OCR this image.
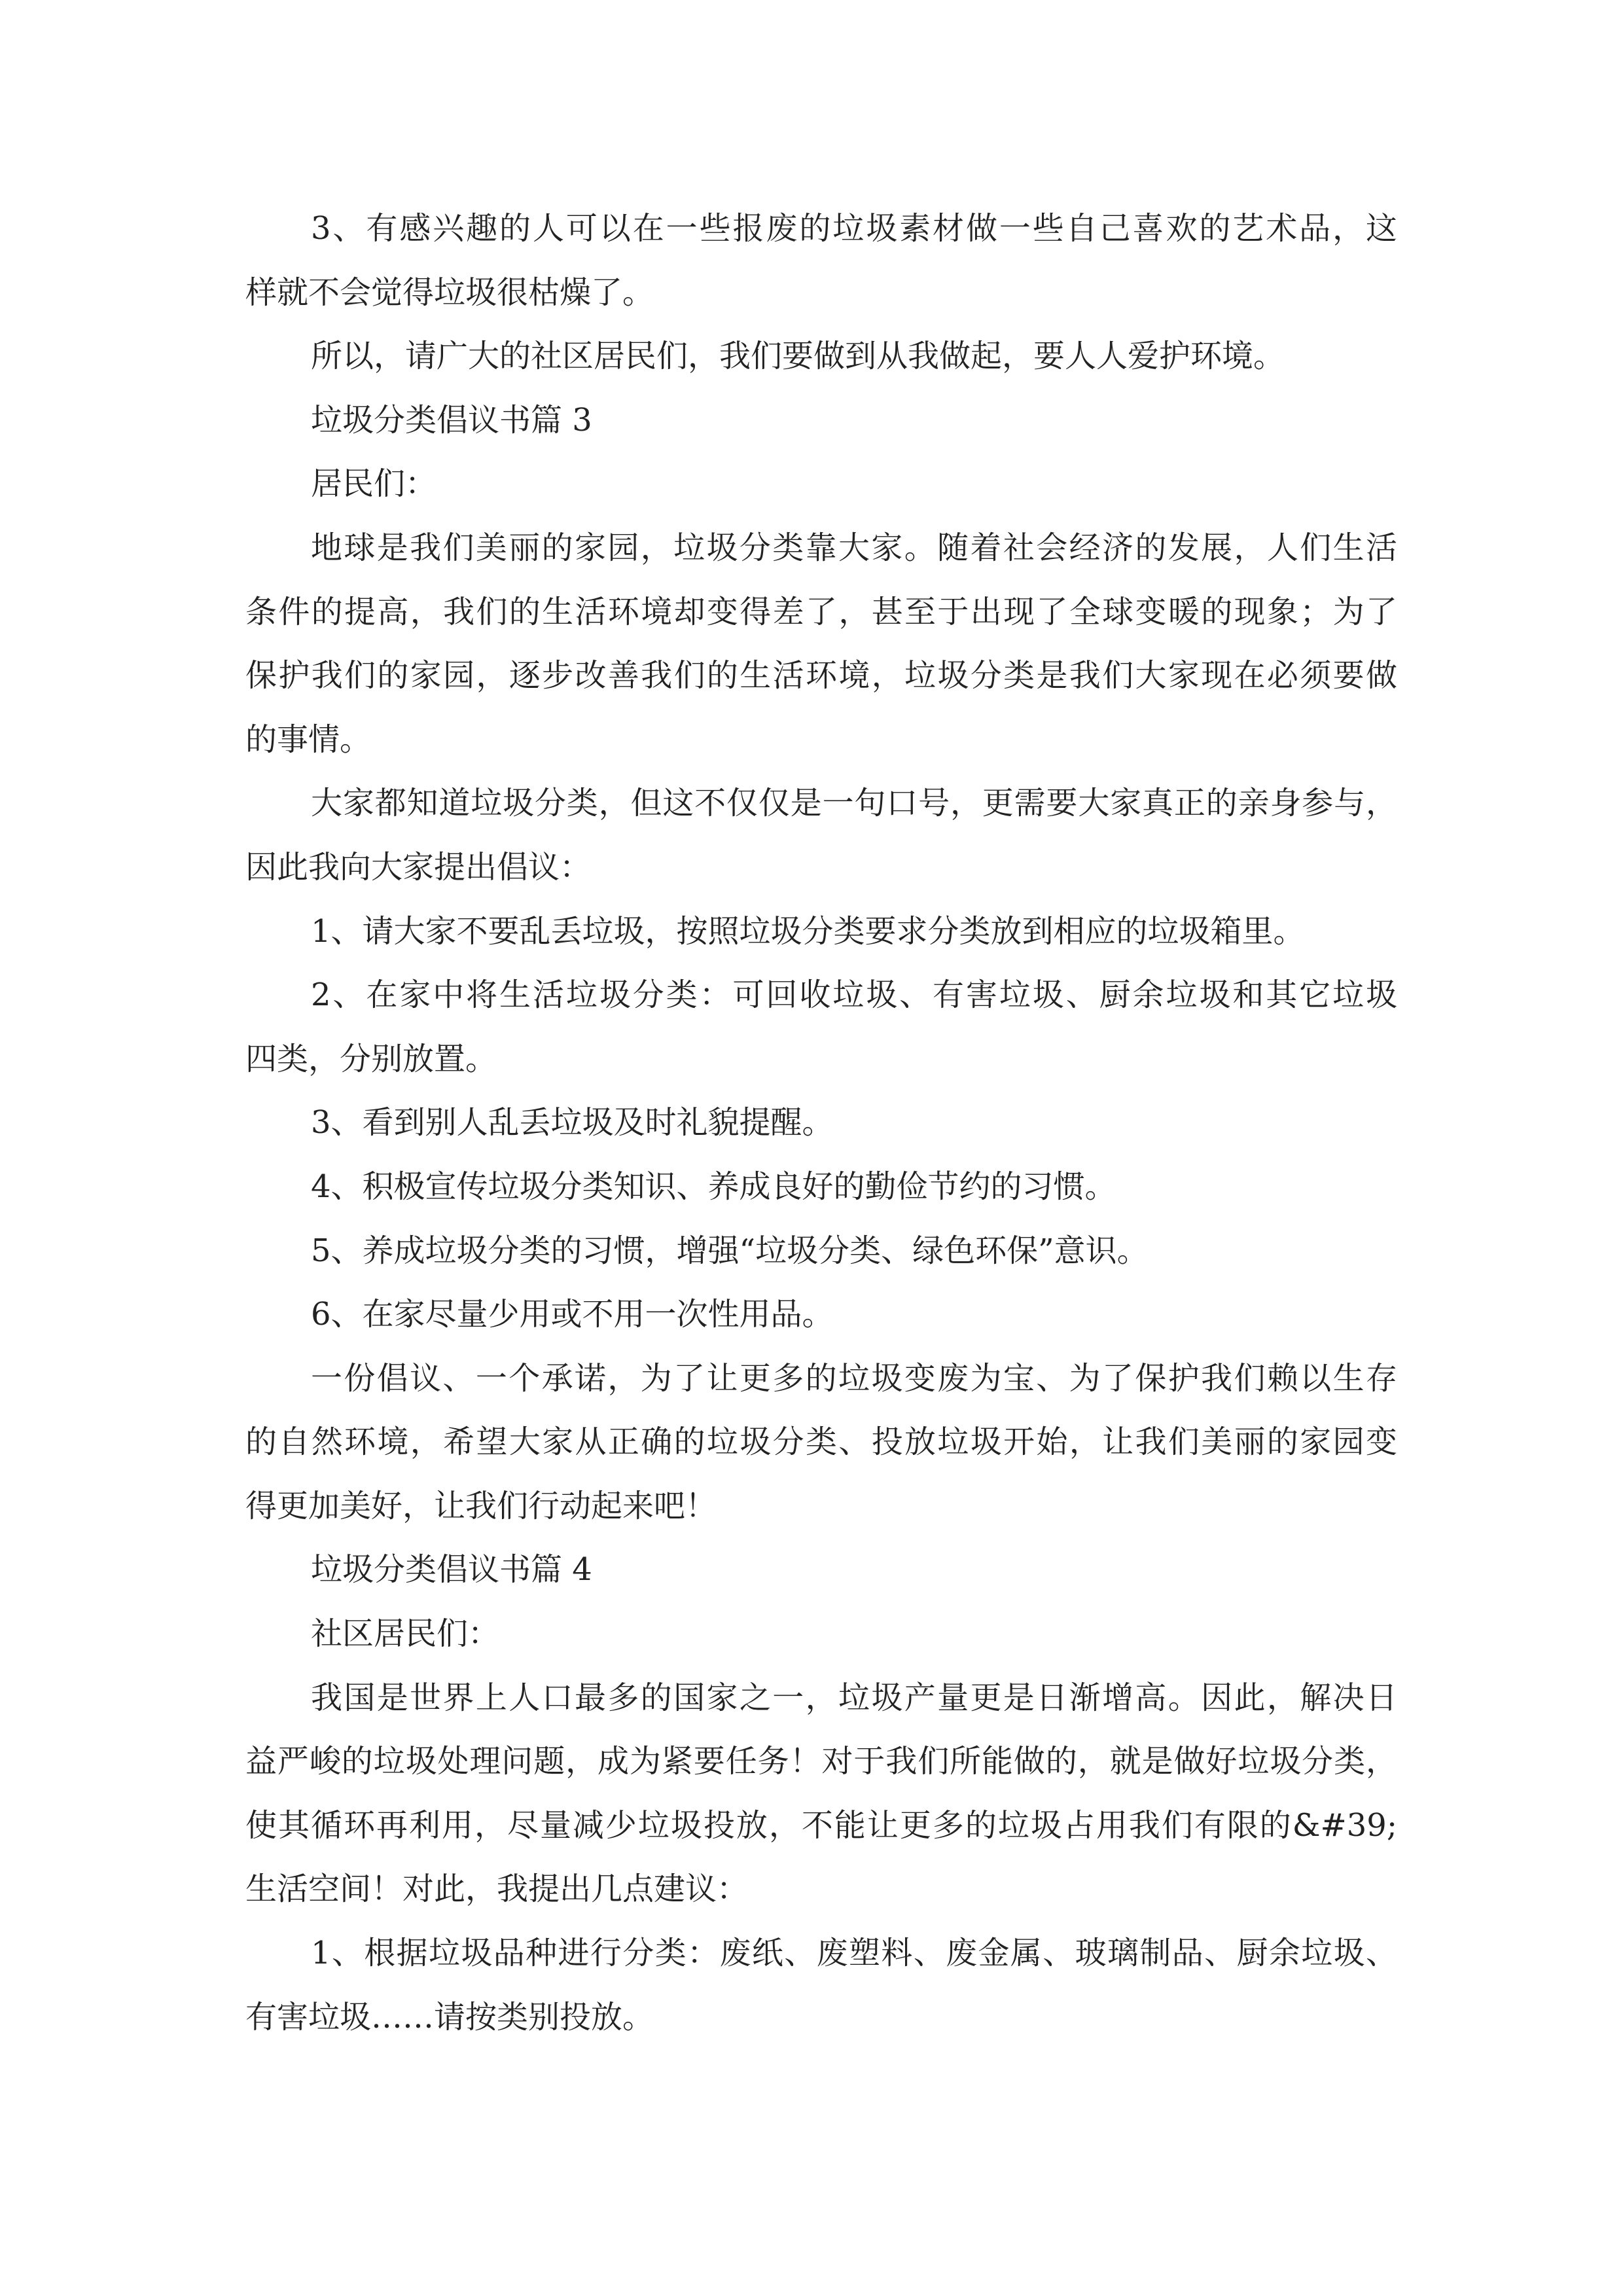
3、有感兴趣的人可以在一些报废的垃圾素材做一些自己喜欢的艺术品，这
样就不会觉得垃圾很枯燥了。
所以，请广大的社区居民们，我们要做到从我做起，要人人爱护环境。
垃圾分类倡议书篇 3
居民们：
地球是我们美丽的家园，垃圾分类靠大家。随着社会经济的发展，人们生活
条件的提高，我们的生活环境却变得差了，甚至于出现了全球变暖的现象；为了
保护我们的家园，逐步改善我们的生活环境，垃圾分类是我们大家现在必须要做
的事情。
大家都知道垃圾分类，但这不仅仅是一句口号，更需要大家真正的亲身参与，
因此我向大家提出倡议：
1、请大家不要乱丢垃圾，按照垃圾分类要求分类放到相应的垃圾箱里。
2、在家中将生活垃圾分类：可回收垃圾、有害垃圾、厨余垃圾和其它垃圾
四类，分别放置。
3、看到别人乱丢垃圾及时礼貌提醒。
4、积极宣传垃圾分类知识、养成良好的勤俭节约的习惯。
5、养成垃圾分类的习惯，增强“垃圾分类、绿色环保”意识。
6、在家尽量少用或不用一次性用品。
一份倡议、一个承诺，为了让更多的垃圾变废为宝、为了保护我们赖以生存
的自然环境，希望大家从正确的垃圾分类、投放垃圾开始，让我们美丽的家园变
得更加美好，让我们行动起来吧！
垃圾分类倡议书篇 4
社区居民们：
我国是世界上人口最多的国家之一，垃圾产量更是日渐增高。因此，解决日
益严峻的垃圾处理问题，成为紧要任务！对于我们所能做的，就是做好垃圾分类，
使其循环再利用，尽量减少垃圾投放，不能让更多的垃圾占用我们有限的&#39;
生活空间！对此，我提出几点建议：
1、根据垃圾品种进行分类：废纸、废塑料、废金属、玻璃制品、厨余垃圾、
有害垃圾……请按类别投放。
